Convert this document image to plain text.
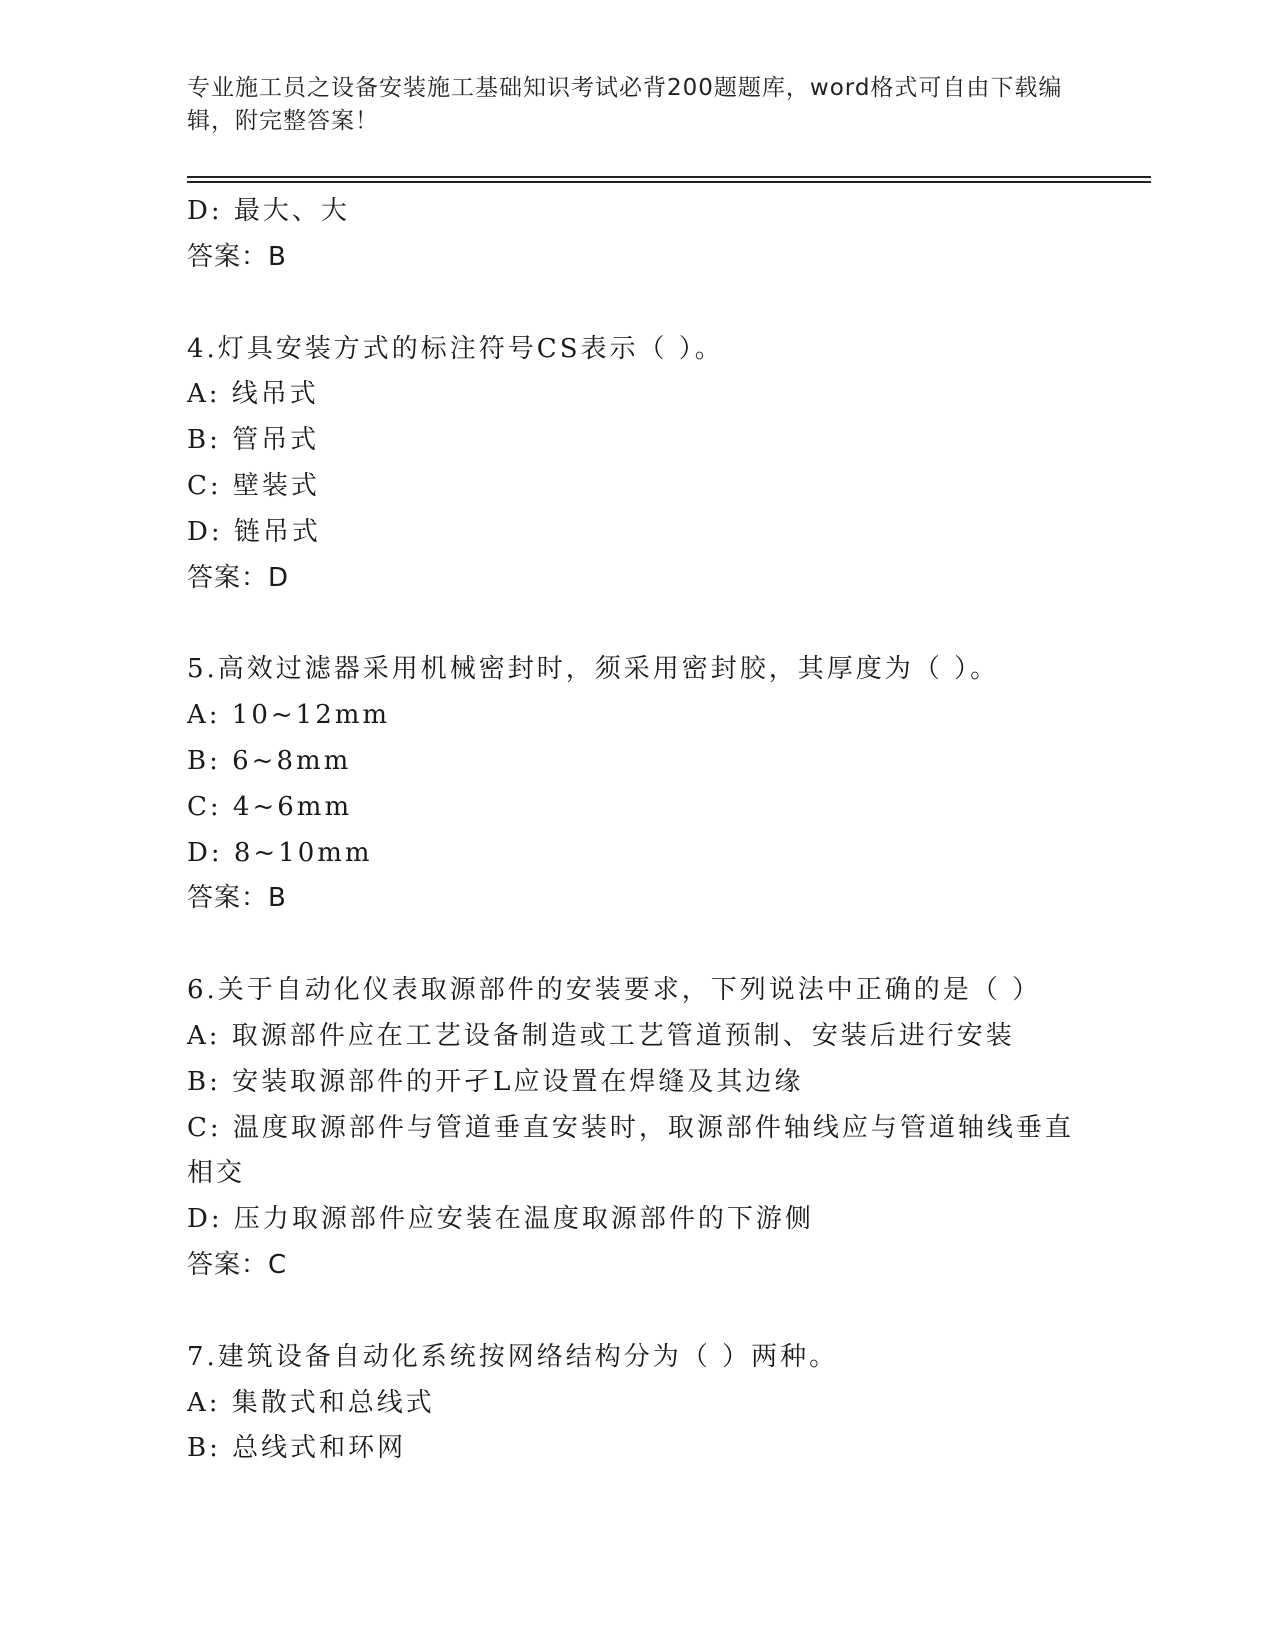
专业施工员之设备安装施工基础知识考试必背200题题库，word格式可自由下载编辑，附完整答案！
D: 最大、大
答案：B
4.灯具安装方式的标注符号CS表示（ ）。
A: 线吊式
B: 管吊式
C: 壁装式
D: 链吊式
答案：D
5.高效过滤器采用机械密封时，须采用密封胶，其厚度为（ ）。
A: 10~12mm
B: 6~8mm
C: 4~6mm
D: 8~10mm
答案：B
6.关于自动化仪表取源部件的安装要求，下列说法中正确的是（ ）
A: 取源部件应在工艺设备制造或工艺管道预制、安装后进行安装
B: 安装取源部件的开孑L应设置在焊缝及其边缘
C: 温度取源部件与管道垂直安装时，取源部件轴线应与管道轴线垂直相交
D: 压力取源部件应安装在温度取源部件的下游侧
答案：C
7.建筑设备自动化系统按网络结构分为（ ）两种。
A: 集散式和总线式
B: 总线式和环网
